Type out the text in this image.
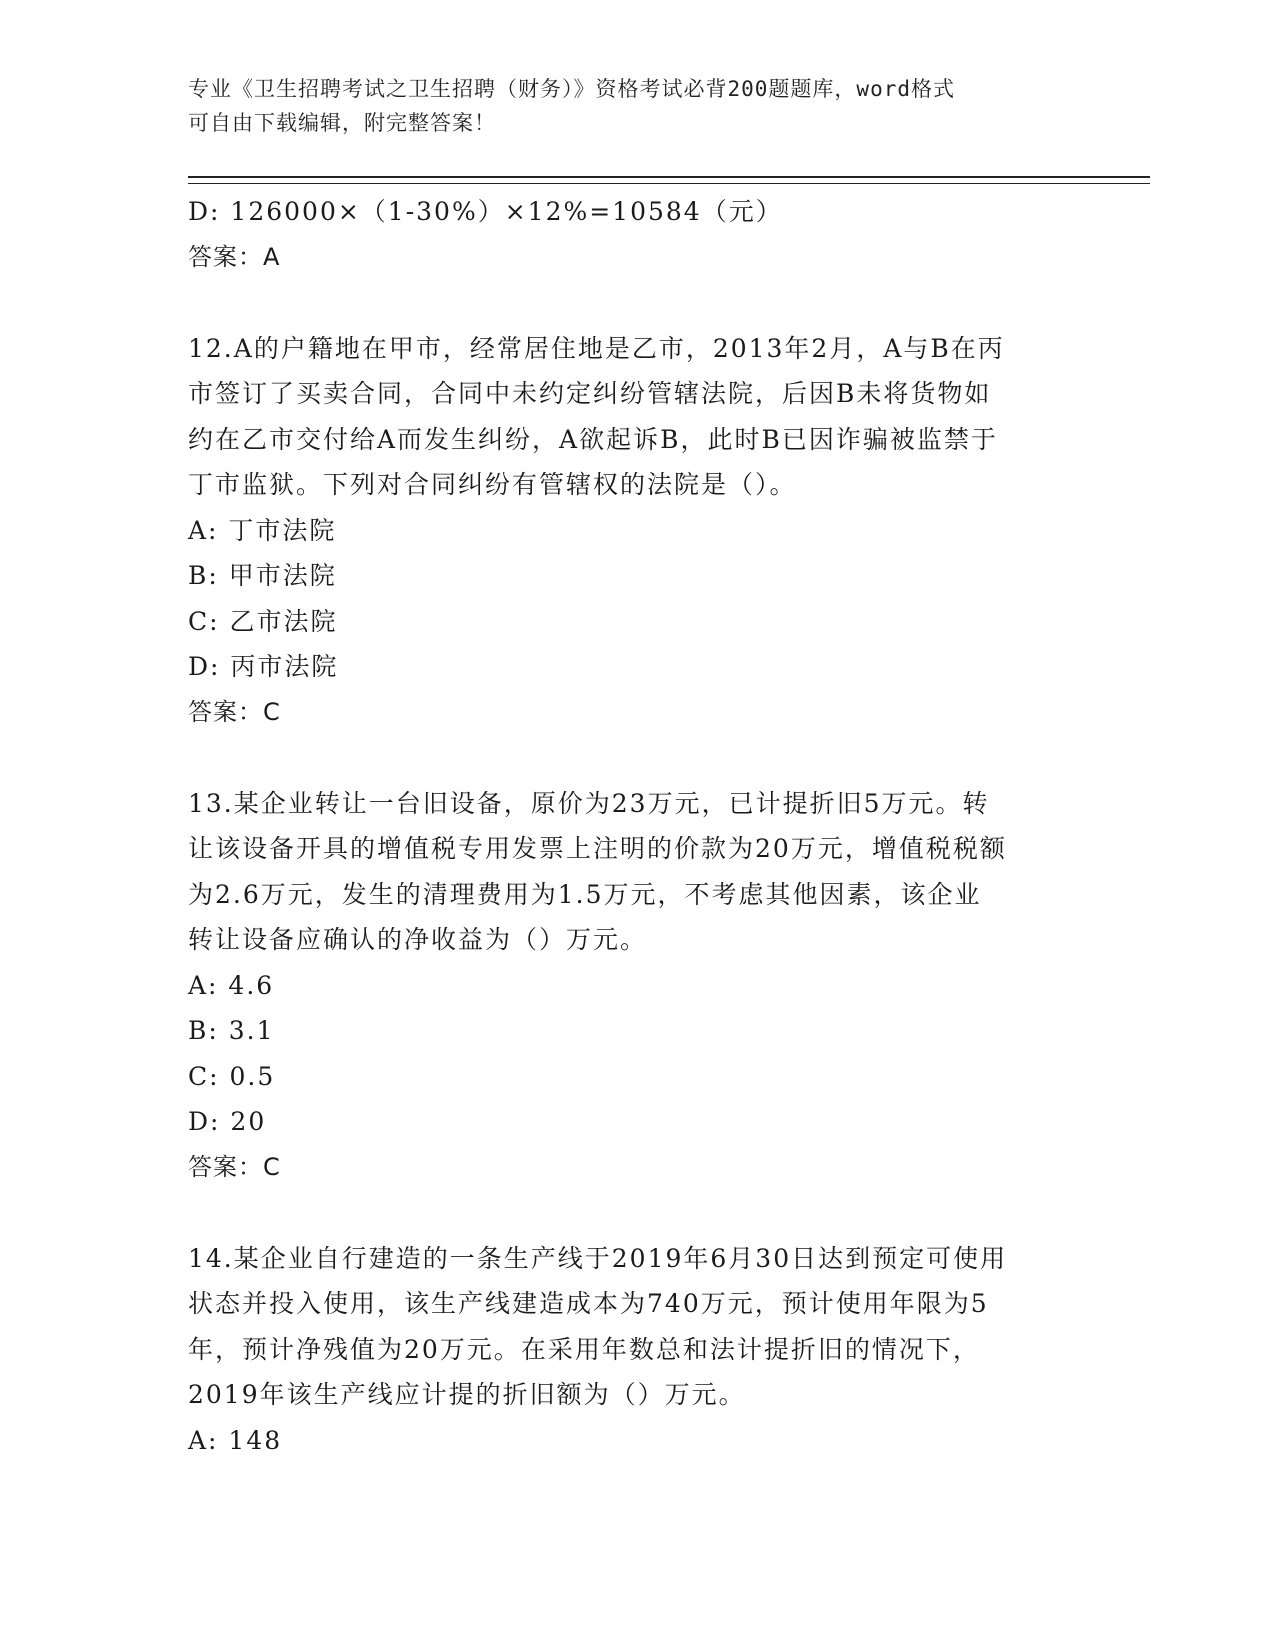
专业《卫生招聘考试之卫生招聘（财务）》资格考试必背200题题库，word格式
可自由下载编辑，附完整答案！
D: 126000×（1-30%）×12%=10584（元）
答案：A
12.A的户籍地在甲市，经常居住地是乙市，2013年2月，A与B在丙
市签订了买卖合同，合同中未约定纠纷管辖法院，后因B未将货物如
约在乙市交付给A而发生纠纷，A欲起诉B，此时B已因诈骗被监禁于
丁市监狱。下列对合同纠纷有管辖权的法院是（）。
A: 丁市法院
B: 甲市法院
C: 乙市法院
D: 丙市法院
答案：C
13.某企业转让一台旧设备，原价为23万元，已计提折旧5万元。转
让该设备开具的增值税专用发票上注明的价款为20万元，增值税税额
为2.6万元，发生的清理费用为1.5万元，不考虑其他因素，该企业
转让设备应确认的净收益为（）万元。
A: 4.6
B: 3.1
C: 0.5
D: 20
答案：C
14.某企业自行建造的一条生产线于2019年6月30日达到预定可使用
状态并投入使用，该生产线建造成本为740万元，预计使用年限为5
年，预计净残值为20万元。在采用年数总和法计提折旧的情况下，
2019年该生产线应计提的折旧额为（）万元。
A: 148
